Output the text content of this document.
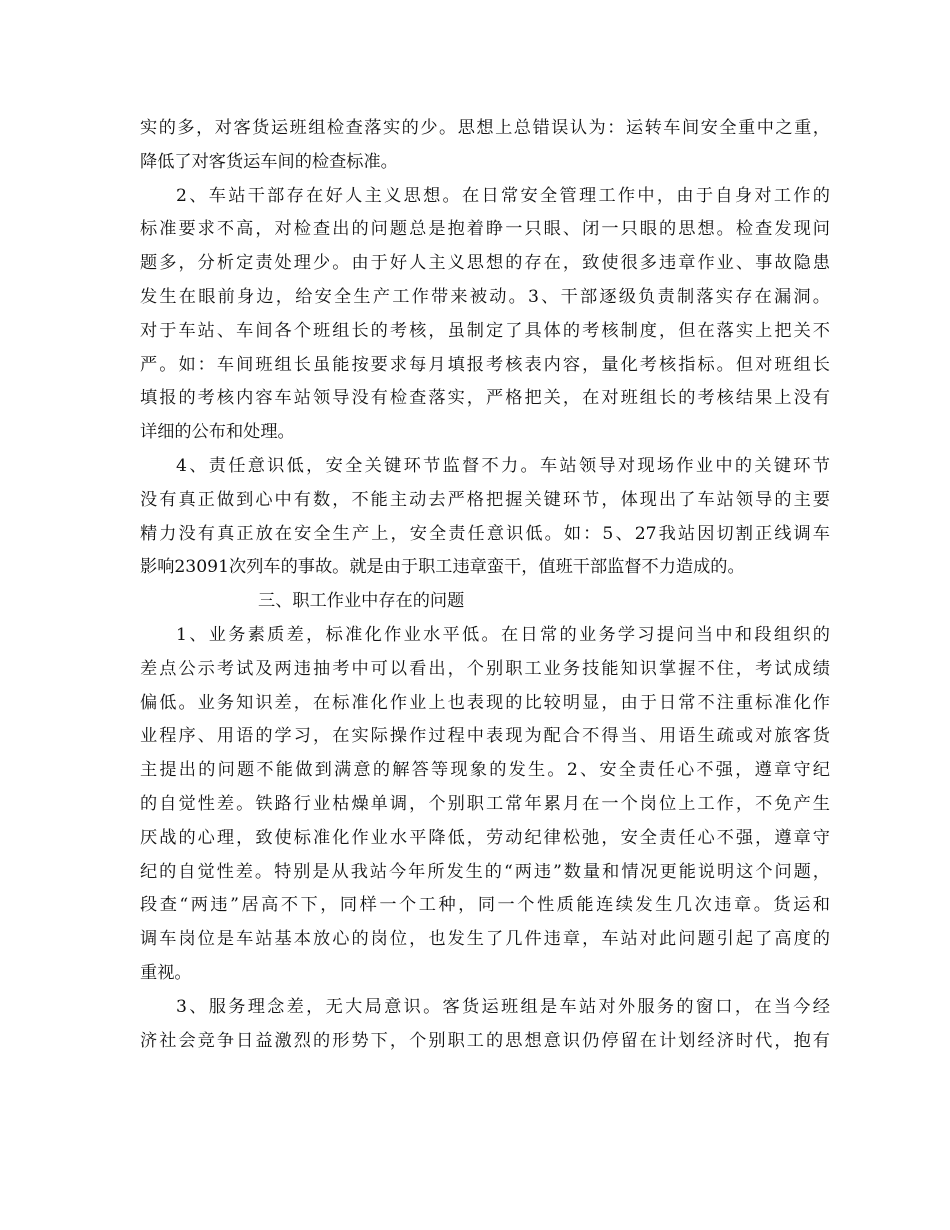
实的多，对客货运班组检查落实的少。思想上总错误认为：运转车间安全重中之重，
降低了对客货运车间的检查标准。
2、车站干部存在好人主义思想。在日常安全管理工作中，由于自身对工作的
标准要求不高，对检查出的问题总是抱着睁一只眼、闭一只眼的思想。检查发现问
题多，分析定责处理少。由于好人主义思想的存在，致使很多违章作业、事故隐患
发生在眼前身边，给安全生产工作带来被动。3、干部逐级负责制落实存在漏洞。
对于车站、车间各个班组长的考核，虽制定了具体的考核制度，但在落实上把关不
严。如：车间班组长虽能按要求每月填报考核表内容，量化考核指标。但对班组长
填报的考核内容车站领导没有检查落实，严格把关，在对班组长的考核结果上没有
详细的公布和处理。
4、责任意识低，安全关键环节监督不力。车站领导对现场作业中的关键环节
没有真正做到心中有数，不能主动去严格把握关键环节，体现出了车站领导的主要
精力没有真正放在安全生产上，安全责任意识低。如：5、27我站因切割正线调车
影响23091次列车的事故。就是由于职工违章蛮干，值班干部监督不力造成的。
三、职工作业中存在的问题
1、业务素质差，标准化作业水平低。在日常的业务学习提问当中和段组织的
差点公示考试及两违抽考中可以看出，个别职工业务技能知识掌握不住，考试成绩
偏低。业务知识差，在标准化作业上也表现的比较明显，由于日常不注重标准化作
业程序、用语的学习，在实际操作过程中表现为配合不得当、用语生疏或对旅客货
主提出的问题不能做到满意的解答等现象的发生。2、安全责任心不强，遵章守纪
的自觉性差。铁路行业枯燥单调，个别职工常年累月在一个岗位上工作，不免产生
厌战的心理，致使标准化作业水平降低，劳动纪律松弛，安全责任心不强，遵章守
纪的自觉性差。特别是从我站今年所发生的“两违”数量和情况更能说明这个问题，
段查“两违”居高不下，同样一个工种，同一个性质能连续发生几次违章。货运和
调车岗位是车站基本放心的岗位，也发生了几件违章，车站对此问题引起了高度的
重视。
3、服务理念差，无大局意识。客货运班组是车站对外服务的窗口，在当今经
济社会竞争日益激烈的形势下，个别职工的思想意识仍停留在计划经济时代，抱有
